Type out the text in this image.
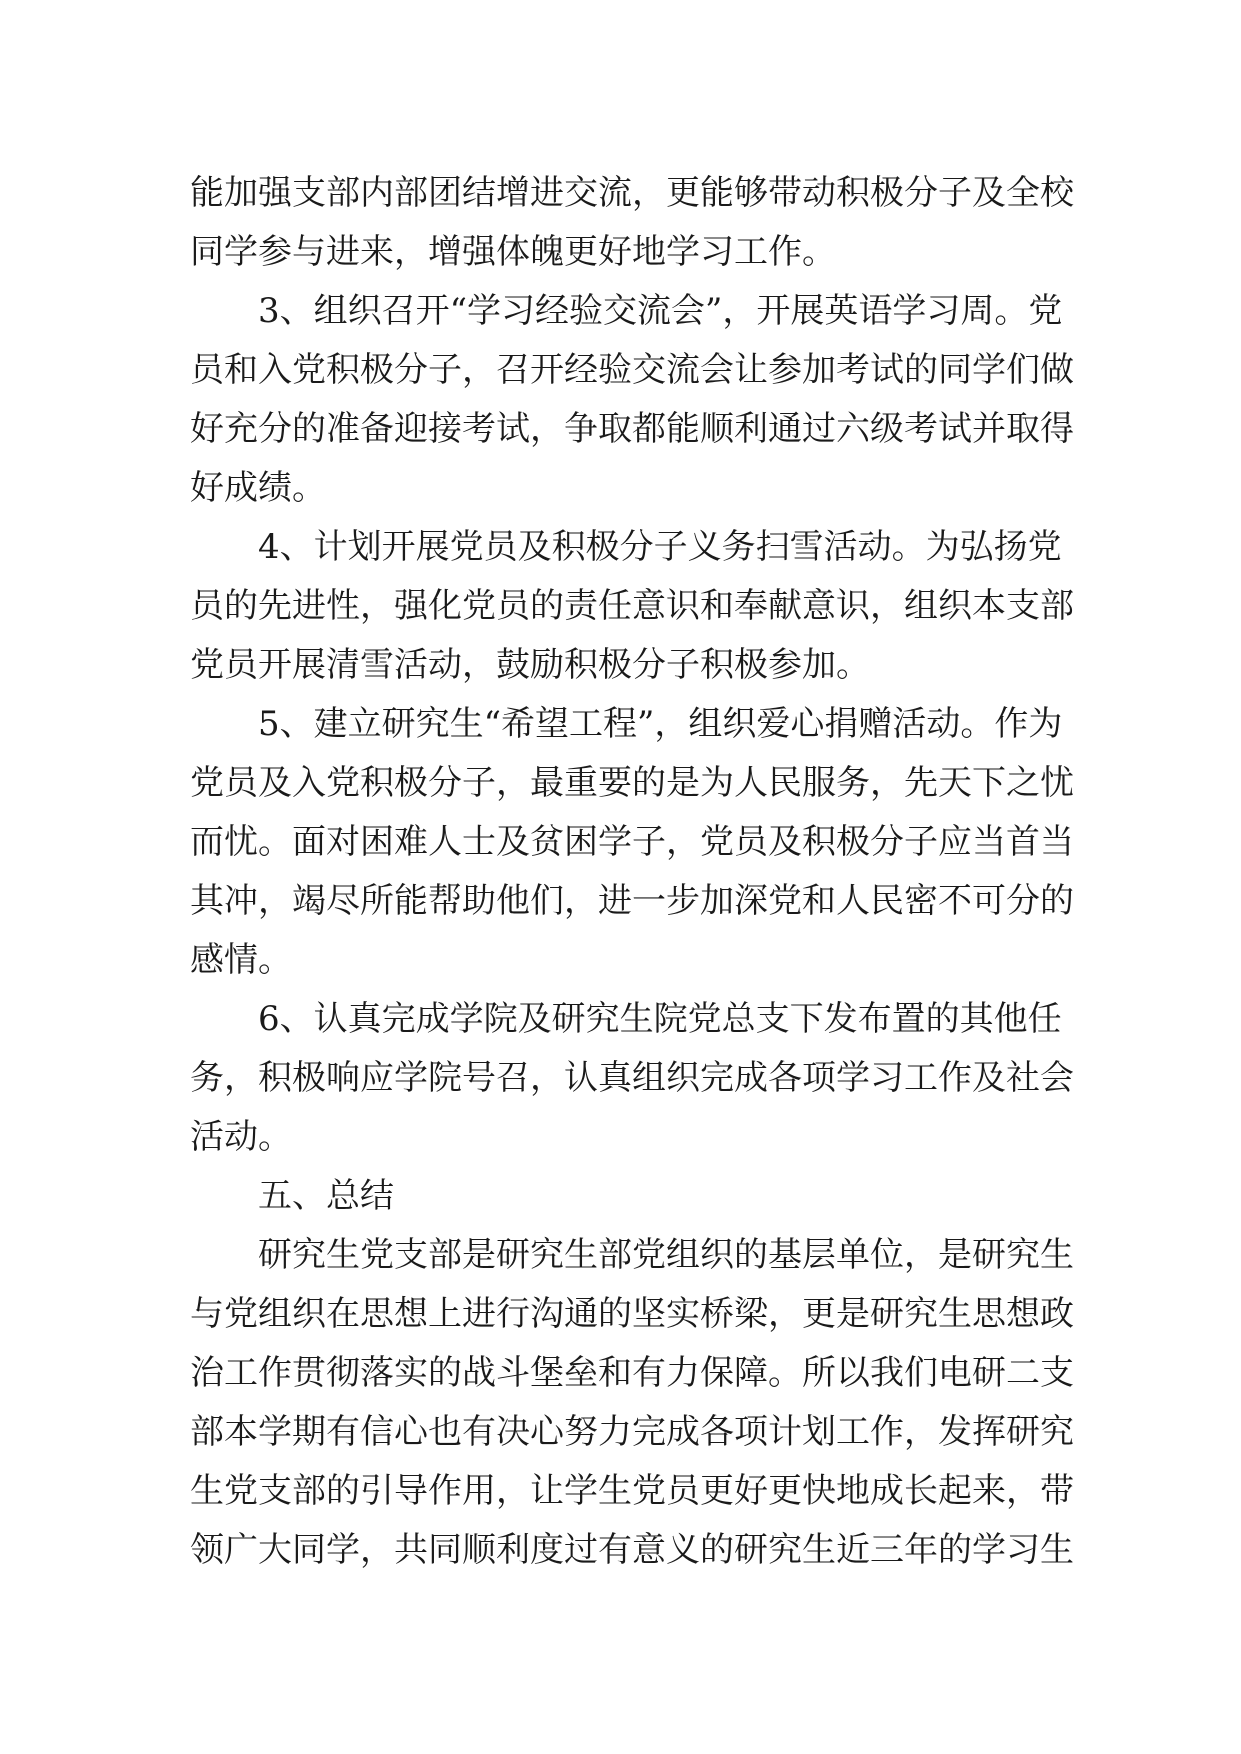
能加强支部内部团结增进交流，更能够带动积极分子及全校
同学参与进来，增强体魄更好地学习工作。
3、组织召开“学习经验交流会”，开展英语学习周。党
员和入党积极分子，召开经验交流会让参加考试的同学们做
好充分的准备迎接考试，争取都能顺利通过六级考试并取得
好成绩。
4、计划开展党员及积极分子义务扫雪活动。为弘扬党
员的先进性，强化党员的责任意识和奉献意识，组织本支部
党员开展清雪活动，鼓励积极分子积极参加。
5、建立研究生“希望工程”，组织爱心捐赠活动。作为
党员及入党积极分子，最重要的是为人民服务，先天下之忧
而忧。面对困难人士及贫困学子，党员及积极分子应当首当
其冲，竭尽所能帮助他们，进一步加深党和人民密不可分的
感情。
6、认真完成学院及研究生院党总支下发布置的其他任
务，积极响应学院号召，认真组织完成各项学习工作及社会
活动。
五、总结
研究生党支部是研究生部党组织的基层单位，是研究生
与党组织在思想上进行沟通的坚实桥梁，更是研究生思想政
治工作贯彻落实的战斗堡垒和有力保障。所以我们电研二支
部本学期有信心也有决心努力完成各项计划工作，发挥研究
生党支部的引导作用，让学生党员更好更快地成长起来，带
领广大同学，共同顺利度过有意义的研究生近三年的学习生
